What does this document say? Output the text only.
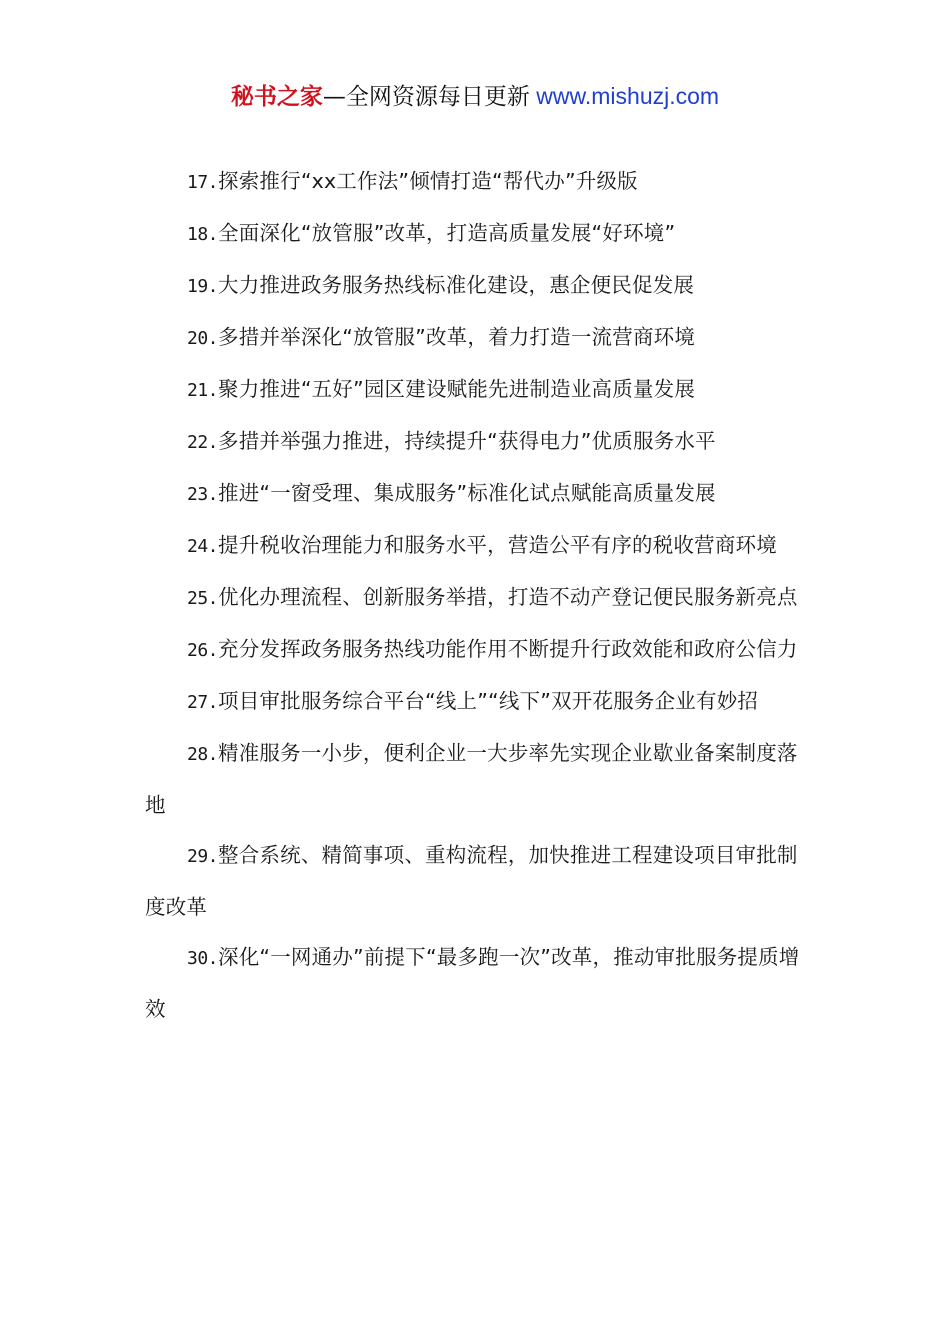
秘书之家—全网资源每日更新 www.mishuzj.com

17.探索推行“xx工作法”倾情打造“帮代办”升级版

18.全面深化“放管服”改革，打造高质量发展“好环境”

19.大力推进政务服务热线标准化建设，惠企便民促发展

20.多措并举深化“放管服”改革，着力打造一流营商环境

21.聚力推进“五好”园区建设赋能先进制造业高质量发展

22.多措并举强力推进，持续提升“获得电力”优质服务水平

23.推进“一窗受理、集成服务”标准化试点赋能高质量发展

24.提升税收治理能力和服务水平，营造公平有序的税收营商环境

25.优化办理流程、创新服务举措，打造不动产登记便民服务新亮点

26.充分发挥政务服务热线功能作用不断提升行政效能和政府公信力

27.项目审批服务综合平台“线上”“线下”双开花服务企业有妙招

28.精准服务一小步，便利企业一大步率先实现企业歇业备案制度落地

29.整合系统、精简事项、重构流程，加快推进工程建设项目审批制度改革

30.深化“一网通办”前提下“最多跑一次”改革，推动审批服务提质增效
